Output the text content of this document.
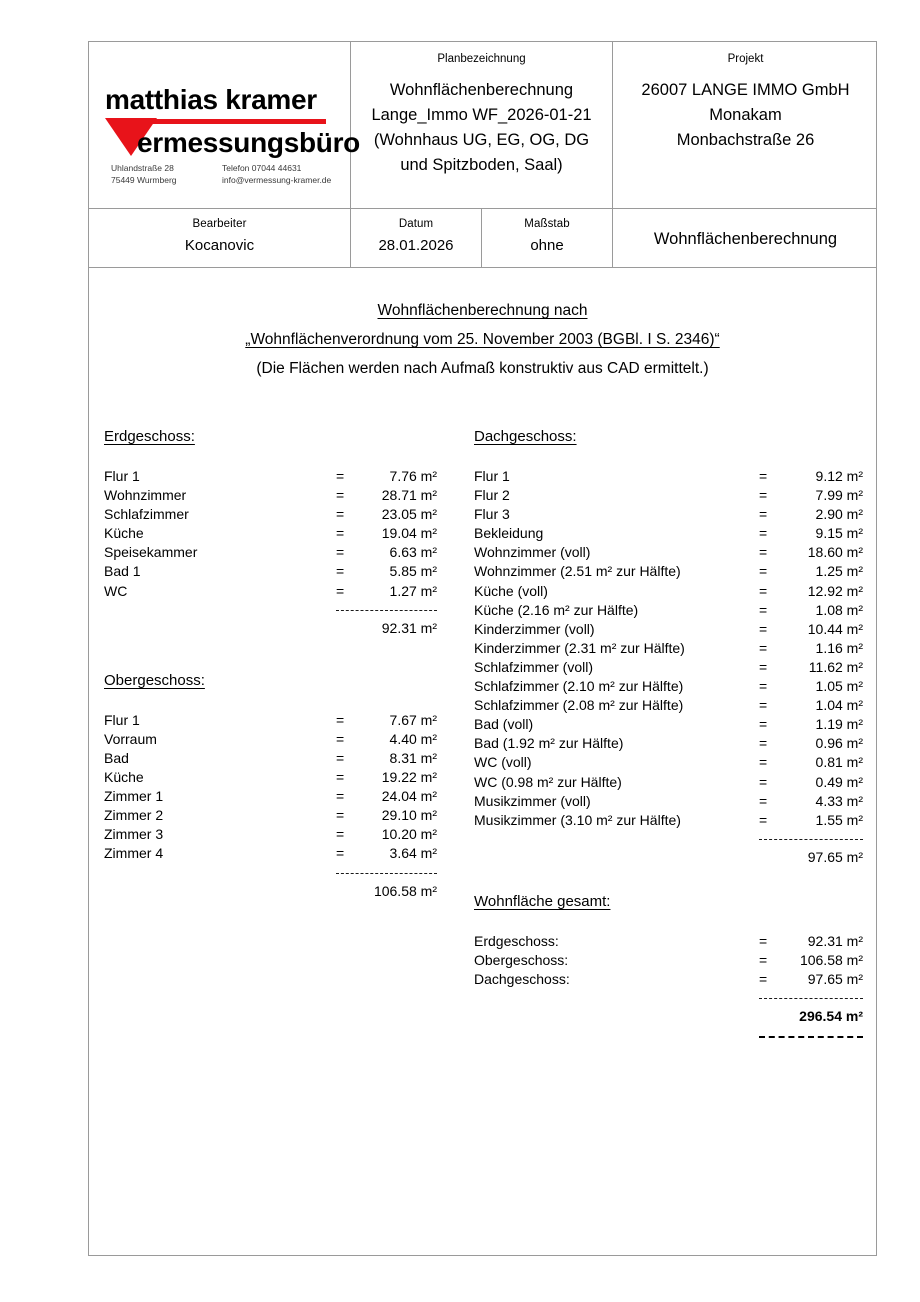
matthias kramer
ermessungsbüro
Uhlandstraße 28
75449 Wurmberg
Telefon 07044 44631
info@vermessung-kramer.de
Planbezeichnung
Wohnflächenberechnung
Lange_Immo WF_2026-01-21
(Wohnhaus UG, EG, OG, DG
und Spitzboden, Saal)
Projekt
26007 LANGE IMMO GmbH
Monakam
Monbachstraße 26
Bearbeiter
Kocanovic
Datum
28.01.2026
Maßstab
ohne	Wohnflächenberechnung
Wohnflächenberechnung nach
„Wohnflächenverordnung vom 25. November 2003 (BGBl. I S. 2346)“
(Die Flächen werden nach Aufmaß konstruktiv aus CAD ermittelt.)
Erdgeschoss:
Flur 1	=	7.76 m²
Wohnzimmer	=	28.71 m²
Schlafzimmer	=	23.05 m²
Küche	=	19.04 m²
Speisekammer	=	6.63 m²
Bad 1	=	5.85 m²
WC	=	1.27 m²
92.31 m²
Obergeschoss:
Flur 1	=	7.67 m²
Vorraum	=	4.40 m²
Bad	=	8.31 m²
Küche	=	19.22 m²
Zimmer 1	=	24.04 m²
Zimmer 2	=	29.10 m²
Zimmer 3	=	10.20 m²
Zimmer 4	=	3.64 m²
106.58 m²
Dachgeschoss:
Flur 1	=	9.12 m²
Flur 2	=	7.99 m²
Flur 3	=	2.90 m²
Bekleidung	=	9.15 m²
Wohnzimmer (voll)	=	18.60 m²
Wohnzimmer (2.51 m² zur Hälfte)	=	1.25 m²
Küche (voll)	=	12.92 m²
Küche (2.16 m² zur Hälfte)	=	1.08 m²
Kinderzimmer (voll)	=	10.44 m²
Kinderzimmer (2.31 m² zur Hälfte)	=	1.16 m²
Schlafzimmer (voll)	=	11.62 m²
Schlafzimmer (2.10 m² zur Hälfte)	=	1.05 m²
Schlafzimmer (2.08 m² zur Hälfte)	=	1.04 m²
Bad (voll)	=	1.19 m²
Bad (1.92 m² zur Hälfte)	=	0.96 m²
WC (voll)	=	0.81 m²
WC (0.98 m² zur Hälfte)	=	0.49 m²
Musikzimmer (voll)	=	4.33 m²
Musikzimmer (3.10 m² zur Hälfte)	=	1.55 m²
97.65 m²
Wohnfläche gesamt:
Erdgeschoss:	=	92.31 m²
Obergeschoss:	=	106.58 m²
Dachgeschoss:	=	97.65 m²
296.54 m²
